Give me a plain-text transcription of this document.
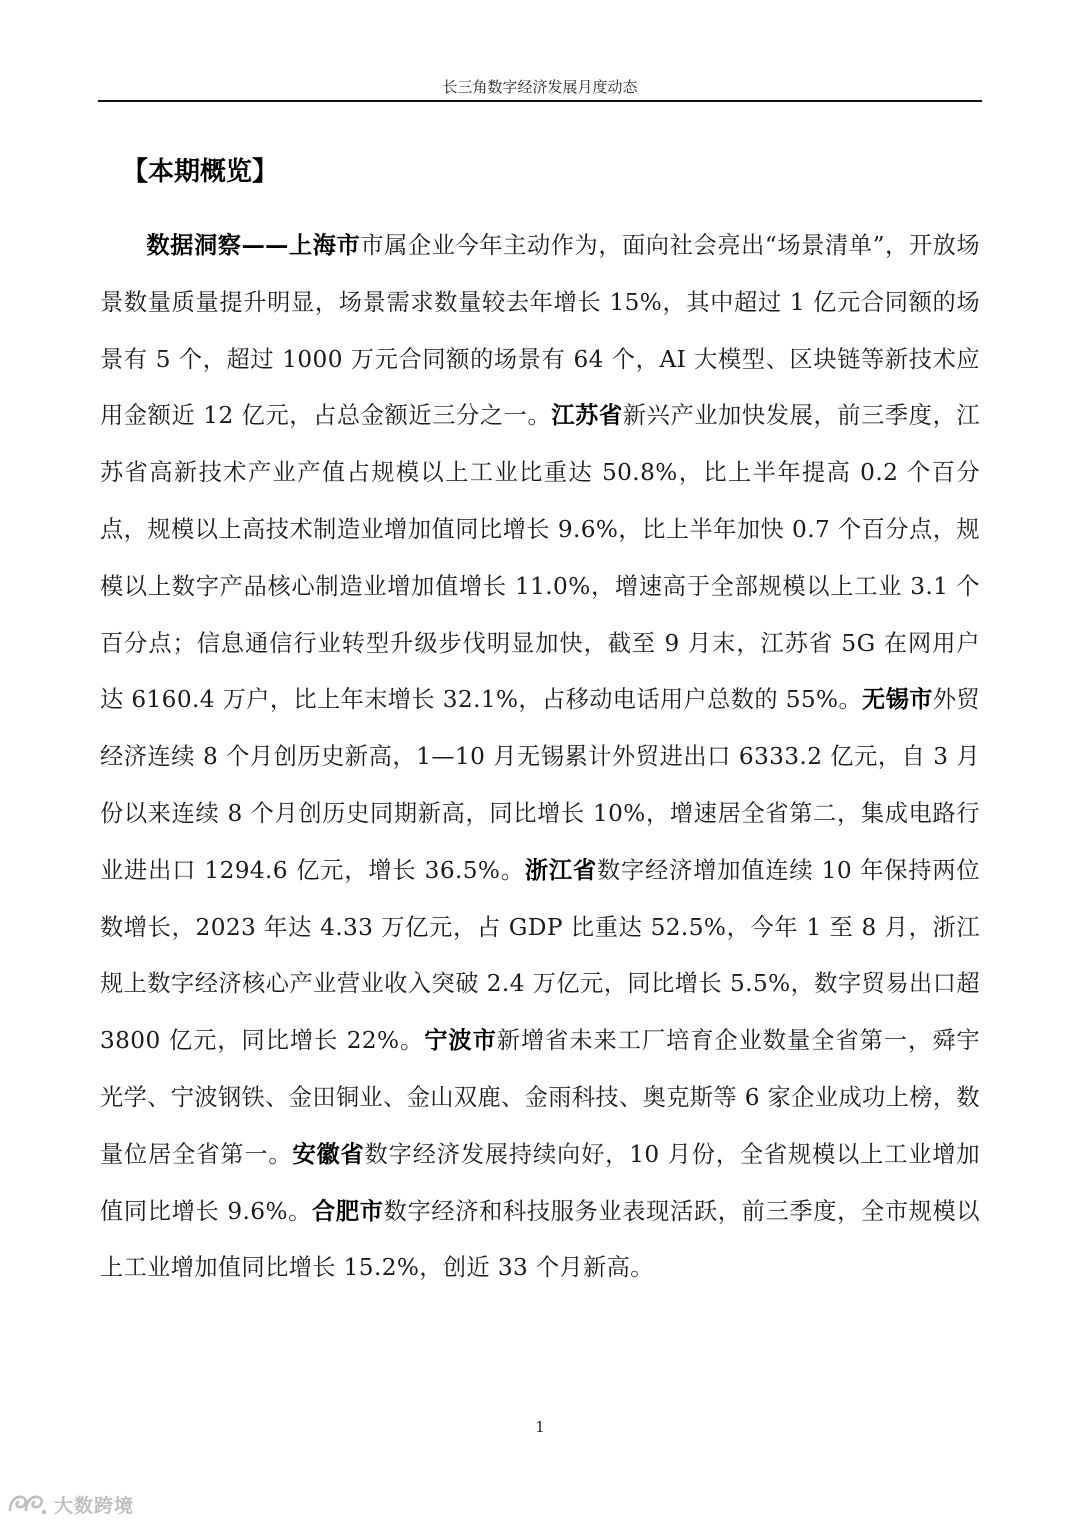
长三角数字经济发展月度动态
【本期概览】

数据洞察——上海市市属企业今年主动作为，面向社会亮出“场景清单”，开放场景数量质量提升明显，场景需求数量较去年增长 15%，其中超过 1 亿元合同额的场景有 5 个，超过 1000 万元合同额的场景有 64 个，AI 大模型、区块链等新技术应用金额近 12 亿元，占总金额近三分之一。江苏省新兴产业加快发展，前三季度，江苏省高新技术产业产值占规模以上工业比重达 50.8%，比上半年提高 0.2 个百分点，规模以上高技术制造业增加值同比增长 9.6%，比上半年加快 0.7 个百分点，规模以上数字产品核心制造业增加值增长 11.0%，增速高于全部规模以上工业 3.1 个百分点；信息通信行业转型升级步伐明显加快，截至 9 月末，江苏省 5G 在网用户达 6160.4 万户，比上年末增长 32.1%，占移动电话用户总数的 55%。无锡市外贸经济连续 8 个月创历史新高，1—10 月无锡累计外贸进出口 6333.2 亿元，自 3 月份以来连续 8 个月创历史同期新高，同比增长 10%，增速居全省第二，集成电路行业进出口 1294.6 亿元，增长 36.5%。浙江省数字经济增加值连续 10 年保持两位数增长，2023 年达 4.33 万亿元，占 GDP 比重达 52.5%，今年 1 至 8 月，浙江规上数字经济核心产业营业收入突破 2.4 万亿元，同比增长 5.5%，数字贸易出口超 3800 亿元，同比增长 22%。宁波市新增省未来工厂培育企业数量全省第一，舜宇光学、宁波钢铁、金田铜业、金山双鹿、金雨科技、奥克斯等 6 家企业成功上榜，数量位居全省第一。安徽省数字经济发展持续向好，10 月份，全省规模以上工业增加值同比增长 9.6%。合肥市数字经济和科技服务业表现活跃，前三季度，全市规模以上工业增加值同比增长 15.2%，创近 33 个月新高。

1
大数跨境
